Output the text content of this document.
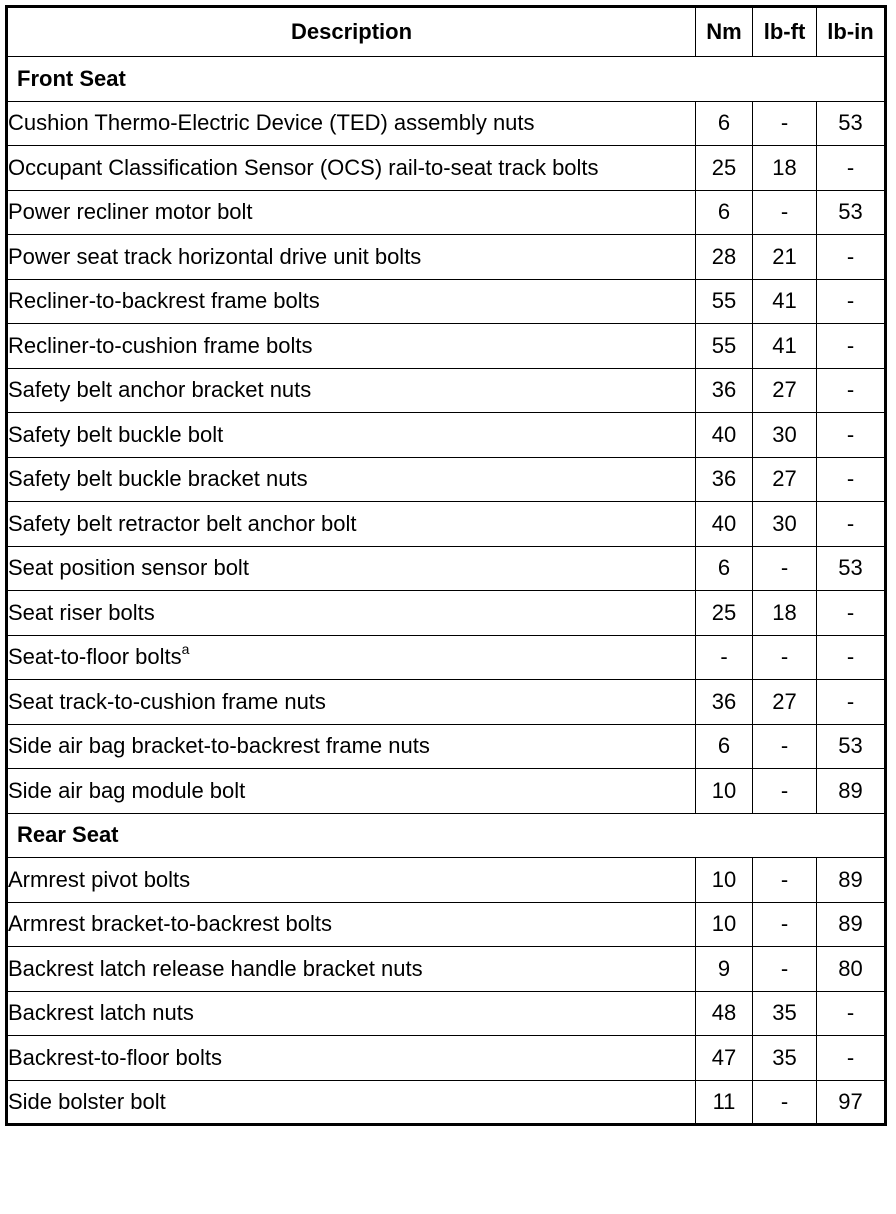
Description	Nm	lb-ft	lb-in
Front Seat			
Cushion Thermo-Electric Device (TED) assembly nuts	6	-	53
Occupant Classification Sensor (OCS) rail-to-seat track bolts	25	18	-
Power recliner motor bolt	6	-	53
Power seat track horizontal drive unit bolts	28	21	-
Recliner-to-backrest frame bolts	55	41	-
Recliner-to-cushion frame bolts	55	41	-
Safety belt anchor bracket nuts	36	27	-
Safety belt buckle bolt	40	30	-
Safety belt buckle bracket nuts	36	27	-
Safety belt retractor belt anchor bolt	40	30	-
Seat position sensor bolt	6	-	53
Seat riser bolts	25	18	-
Seat-to-floor bolts$^a$	-	-	-
Seat track-to-cushion frame nuts	36	27	-
Side air bag bracket-to-backrest frame nuts	6	-	53
Side air bag module bolt	10	-	89
Rear Seat			
Armrest pivot bolts	10	-	89
Armrest bracket-to-backrest bolts	10	-	89
Backrest latch release handle bracket nuts	9	-	80
Backrest latch nuts	48	35	-
Backrest-to-floor bolts	47	35	-
Side bolster bolt	11	-	97
